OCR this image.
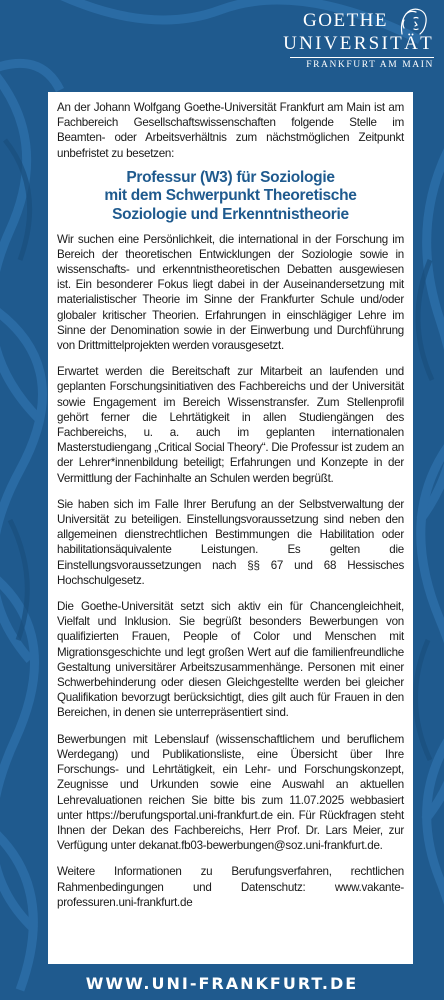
GOETHE
UNIVERSITÄT
FRANKFURT AM MAIN

An der Johann Wolfgang Goethe-Universität Frankfurt am Main ist am Fachbereich Gesellschaftswissenschaften folgende Stelle im Beamten- oder Arbeitsverhältnis zum nächstmöglichen Zeitpunkt unbefristet zu besetzen:

Professur (W3) für Soziologie
mit dem Schwerpunkt Theoretische
Soziologie und Erkenntnistheorie

Wir suchen eine Persönlichkeit, die international in der Forschung im Bereich der theoretischen Entwicklungen der Soziologie sowie in wissenschafts- und erkenntnistheoretischen Debatten ausgewiesen ist. Ein besonderer Fokus liegt dabei in der Auseinandersetzung mit materialistischer Theorie im Sinne der Frankfurter Schule und/oder globaler kritischer Theorien. Erfahrungen in einschlägiger Lehre im Sinne der Denomination sowie in der Einwerbung und Durchführung von Drittmittelprojekten werden vorausgesetzt.

Erwartet werden die Bereitschaft zur Mitarbeit an laufenden und geplanten Forschungsinitiativen des Fachbereichs und der Universität sowie Engagement im Bereich Wissenstransfer. Zum Stellenprofil gehört ferner die Lehrtätigkeit in allen Studiengängen des Fachbereichs, u. a. auch im geplanten internationalen Masterstudiengang „Critical Social Theory“. Die Professur ist zudem an der Lehrer*innenbildung beteiligt; Erfahrungen und Konzepte in der Vermittlung der Fachinhalte an Schulen werden begrüßt.

Sie haben sich im Falle Ihrer Berufung an der Selbstverwaltung der Universität zu beteiligen. Einstellungsvoraussetzung sind neben den allgemeinen dienstrechtlichen Bestimmungen die Habilitation oder habilitationsäquivalente Leistungen. Es gelten die Einstellungsvoraussetzungen nach §§ 67 und 68 Hessisches Hochschulgesetz.

Die Goethe-Universität setzt sich aktiv ein für Chancengleichheit, Vielfalt und Inklusion. Sie begrüßt besonders Bewerbungen von qualifizierten Frauen, People of Color und Menschen mit Migrationsgeschichte und legt großen Wert auf die familienfreundliche Gestaltung universitärer Arbeitszusammenhänge. Personen mit einer Schwerbehinderung oder diesen Gleichgestellte werden bei gleicher Qualifikation bevorzugt berücksichtigt, dies gilt auch für Frauen in den Bereichen, in denen sie unterrepräsentiert sind.

Bewerbungen mit Lebenslauf (wissenschaftlichem und beruflichem Werdegang) und Publikationsliste, eine Übersicht über Ihre Forschungs- und Lehrtätigkeit, ein Lehr- und Forschungskonzept, Zeugnisse und Urkunden sowie eine Auswahl an aktuellen Lehrevaluationen reichen Sie bitte bis zum 11.07.2025 webbasiert unter https://berufungsportal.uni-frankfurt.de ein. Für Rückfragen steht Ihnen der Dekan des Fachbereichs, Herr Prof. Dr. Lars Meier, zur Verfügung unter dekanat.fb03-bewerbungen@soz.uni-frankfurt.de.

Weitere Informationen zu Berufungsverfahren, rechtlichen Rahmenbedingungen und Datenschutz: www.vakante-professuren.uni-frankfurt.de

WWW.UNI-FRANKFURT.DE
